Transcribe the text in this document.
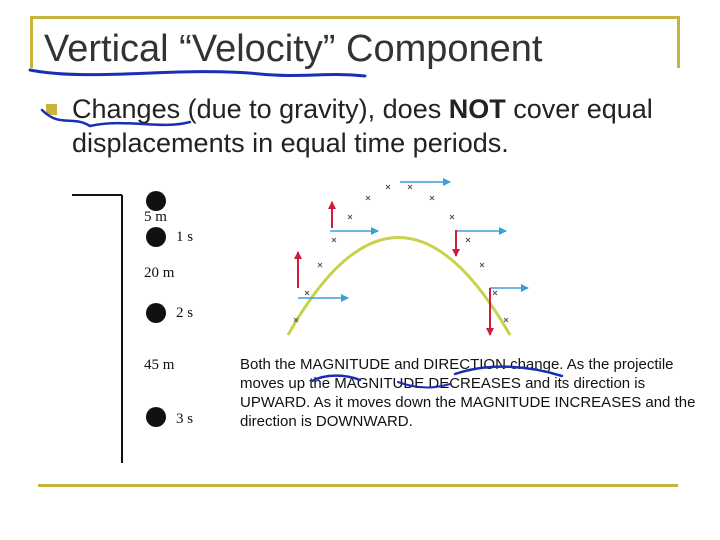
Vertical “Velocity” Component
Changes (due to gravity), does NOT cover equal displacements in equal time periods.
5 m
1 s
20 m
2 s
45 m
3 s
Both the MAGNITUDE and DIRECTION change. As the projectile moves up the MAGNITUDE DECREASES and its direction is UPWARD. As it moves down the MAGNITUDE INCREASES and the direction is DOWNWARD.
